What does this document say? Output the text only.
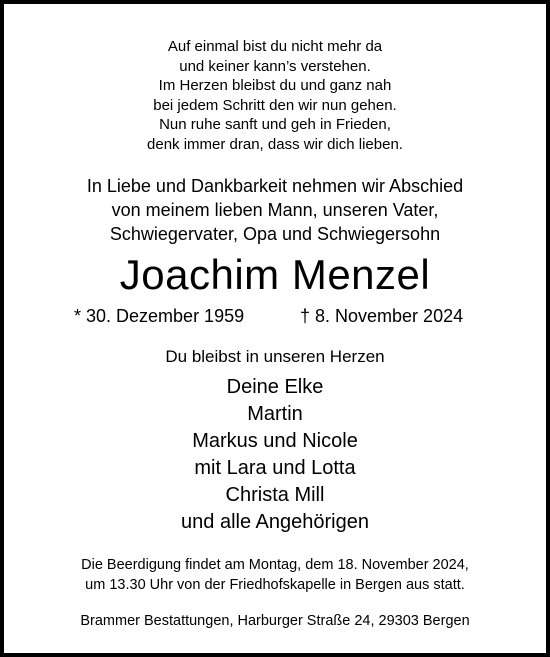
Auf einmal bist du nicht mehr da
und keiner kann’s verstehen.
Im Herzen bleibst du und ganz nah
bei jedem Schritt den wir nun gehen.
Nun ruhe sanft und geh in Frieden,
denk immer dran, dass wir dich lieben.
In Liebe und Dankbarkeit nehmen wir Abschied
von meinem lieben Mann, unseren Vater,
Schwiegervater, Opa und Schwiegersohn
Joachim Menzel
* 30. Dezember 1959	† 8. November 2024
Du bleibst in unseren Herzen
Deine Elke
Martin
Markus und Nicole
mit Lara und Lotta
Christa Mill
und alle Angehörigen
Die Beerdigung findet am Montag, dem 18. November 2024,
um 13.30 Uhr von der Friedhofskapelle in Bergen aus statt.
Brammer Bestattungen, Harburger Straße 24, 29303 Bergen
